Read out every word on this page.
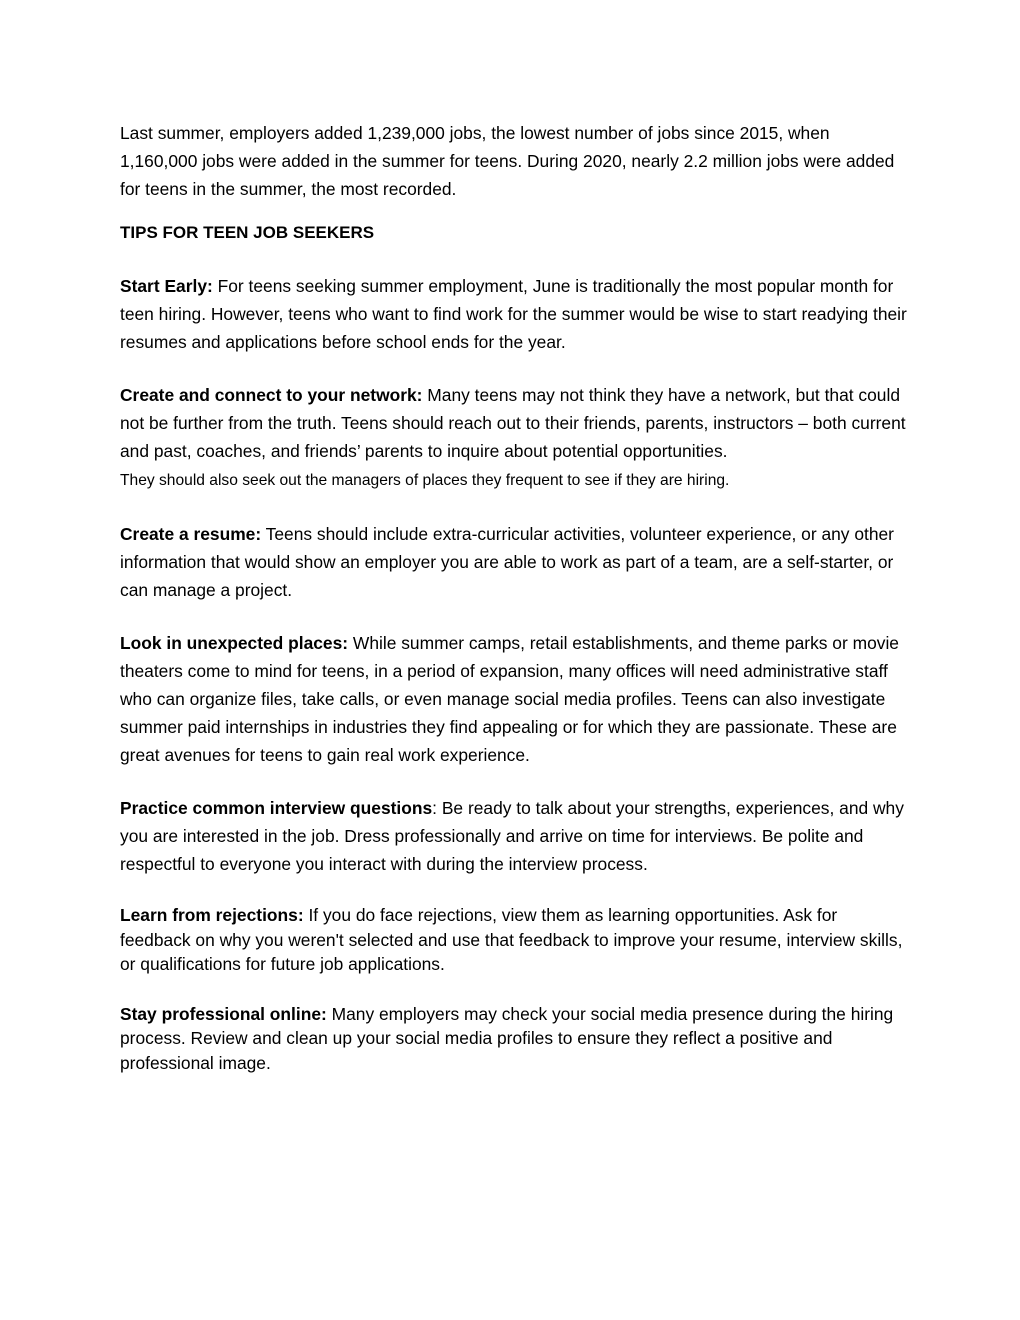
Last summer, employers added 1,239,000 jobs, the lowest number of jobs since 2015, when 1,160,000 jobs were added in the summer for teens. During 2020, nearly 2.2 million jobs were added for teens in the summer, the most recorded.

TIPS FOR TEEN JOB SEEKERS

Start Early: For teens seeking summer employment, June is traditionally the most popular month for teen hiring. However, teens who want to find work for the summer would be wise to start readying their resumes and applications before school ends for the year.

Create and connect to your network: Many teens may not think they have a network, but that could not be further from the truth. Teens should reach out to their friends, parents, instructors – both current and past, coaches, and friends’ parents to inquire about potential opportunities.
They should also seek out the managers of places they frequent to see if they are hiring.

Create a resume: Teens should include extra-curricular activities, volunteer experience, or any other information that would show an employer you are able to work as part of a team, are a self-starter, or can manage a project.

Look in unexpected places: While summer camps, retail establishments, and theme parks or movie theaters come to mind for teens, in a period of expansion, many offices will need administrative staff who can organize files, take calls, or even manage social media profiles. Teens can also investigate summer paid internships in industries they find appealing or for which they are passionate. These are great avenues for teens to gain real work experience.

Practice common interview questions: Be ready to talk about your strengths, experiences, and why you are interested in the job. Dress professionally and arrive on time for interviews. Be polite and respectful to everyone you interact with during the interview process.

Learn from rejections: If you do face rejections, view them as learning opportunities. Ask for feedback on why you weren't selected and use that feedback to improve your resume, interview skills, or qualifications for future job applications.

Stay professional online: Many employers may check your social media presence during the hiring process. Review and clean up your social media profiles to ensure they reflect a positive and professional image.
